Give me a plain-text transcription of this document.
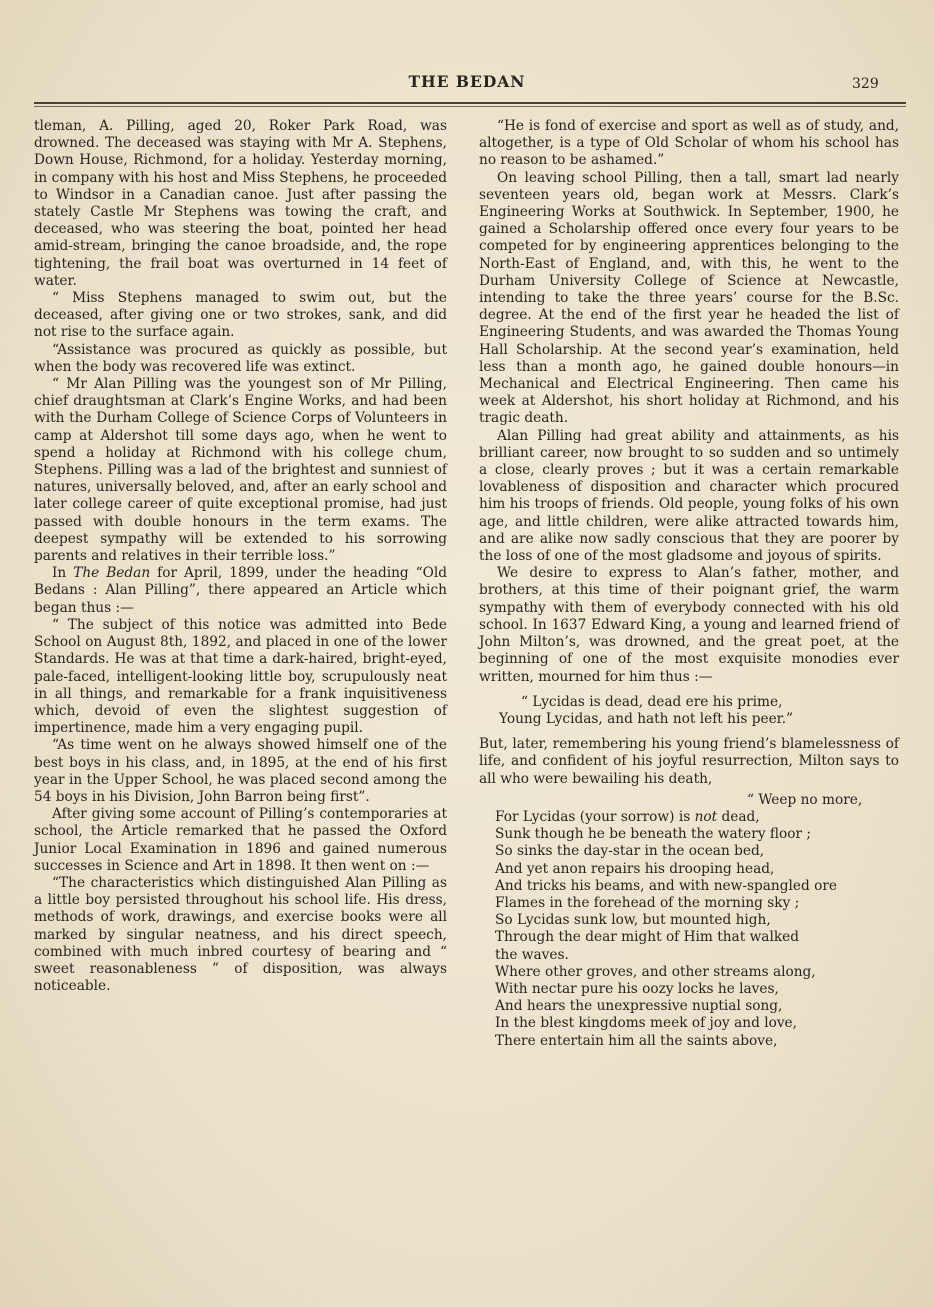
THE BEDAN	329

tleman, A. Pilling, aged 20, Roker Park Road, was drowned. The deceased was staying with Mr A. Stephens, Down House, Richmond, for a holiday. Yesterday morning, in company with his host and Miss Stephens, he proceeded to Windsor in a Canadian canoe. Just after passing the stately Castle Mr Stephens was towing the craft, and deceased, who was steering the boat, pointed her head amid-stream, bringing the canoe broadside, and, the rope tightening, the frail boat was overturned in 14 feet of water.

“ Miss Stephens managed to swim out, but the deceased, after giving one or two strokes, sank, and did not rise to the surface again.

“Assistance was procured as quickly as possible, but when the body was recovered life was extinct.

“ Mr Alan Pilling was the youngest son of Mr Pilling, chief draughtsman at Clark’s Engine Works, and had been with the Durham College of Science Corps of Volunteers in camp at Aldershot till some days ago, when he went to spend a holiday at Richmond with his college chum, Stephens. Pilling was a lad of the brightest and sunniest of natures, universally beloved, and, after an early school and later college career of quite exceptional promise, had just passed with double honours in the term exams. The deepest sympathy will be extended to his sorrowing parents and relatives in their terrible loss.”

In The Bedan for April, 1899, under the heading “Old Bedans : Alan Pilling”, there appeared an Article which began thus :—

“ The subject of this notice was admitted into Bede School on August 8th, 1892, and placed in one of the lower Standards. He was at that time a dark-haired, bright-eyed, pale-faced, intelligent-looking little boy, scrupulously neat in all things, and remarkable for a frank inquisitiveness which, devoid of even the slightest suggestion of impertinence, made him a very engaging pupil.

“As time went on he always showed himself one of the best boys in his class, and, in 1895, at the end of his first year in the Upper School, he was placed second among the 54 boys in his Division, John Barron being first”.

After giving some account of Pilling’s contemporaries at school, the Article remarked that he passed the Oxford Junior Local Examination in 1896 and gained numerous successes in Science and Art in 1898. It then went on :—

“The characteristics which distinguished Alan Pilling as a little boy persisted throughout his school life. His dress, methods of work, drawings, and exercise books were all marked by singular neatness, and his direct speech, combined with much inbred courtesy of bearing and “ sweet reasonableness ” of disposition, was always noticeable.

“He is fond of exercise and sport as well as of study, and, altogether, is a type of Old Scholar of whom his school has no reason to be ashamed.”

On leaving school Pilling, then a tall, smart lad nearly seventeen years old, began work at Messrs. Clark’s Engineering Works at Southwick. In September, 1900, he gained a Scholarship offered once every four years to be competed for by engineering apprentices belonging to the North-East of England, and, with this, he went to the Durham University College of Science at Newcastle, intending to take the three years’ course for the B.Sc. degree. At the end of the first year he headed the list of Engineering Students, and was awarded the Thomas Young Hall Scholarship. At the second year’s examination, held less than a month ago, he gained double honours—in Mechanical and Electrical Engineering. Then came his week at Aldershot, his short holiday at Richmond, and his tragic death.

Alan Pilling had great ability and attainments, as his brilliant career, now brought to so sudden and so untimely a close, clearly proves ; but it was a certain remarkable lovableness of disposition and character which procured him his troops of friends. Old people, young folks of his own age, and little children, were alike attracted towards him, and are alike now sadly conscious that they are poorer by the loss of one of the most gladsome and joyous of spirits.

We desire to express to Alan’s father, mother, and brothers, at this time of their poignant grief, the warm sympathy with them of everybody connected with his old school. In 1637 Edward King, a young and learned friend of John Milton’s, was drowned, and the great poet, at the beginning of one of the most exquisite monodies ever written, mourned for him thus :—

“ Lycidas is dead, dead ere his prime,
Young Lycidas, and hath not left his peer.”

But, later, remembering his young friend’s blamelessness of life, and confident of his joyful resurrection, Milton says to all who were bewailing his death,

“ Weep no more,
For Lycidas (your sorrow) is not dead,
Sunk though he be beneath the watery floor ;
So sinks the day-star in the ocean bed,
And yet anon repairs his drooping head,
And tricks his beams, and with new-spangled ore
Flames in the forehead of the morning sky ;
So Lycidas sunk low, but mounted high,
Through the dear might of Him that walked
the waves.
Where other groves, and other streams along,
With nectar pure his oozy locks he laves,
And hears the unexpressive nuptial song,
In the blest kingdoms meek of joy and love,
There entertain him all the saints above,
